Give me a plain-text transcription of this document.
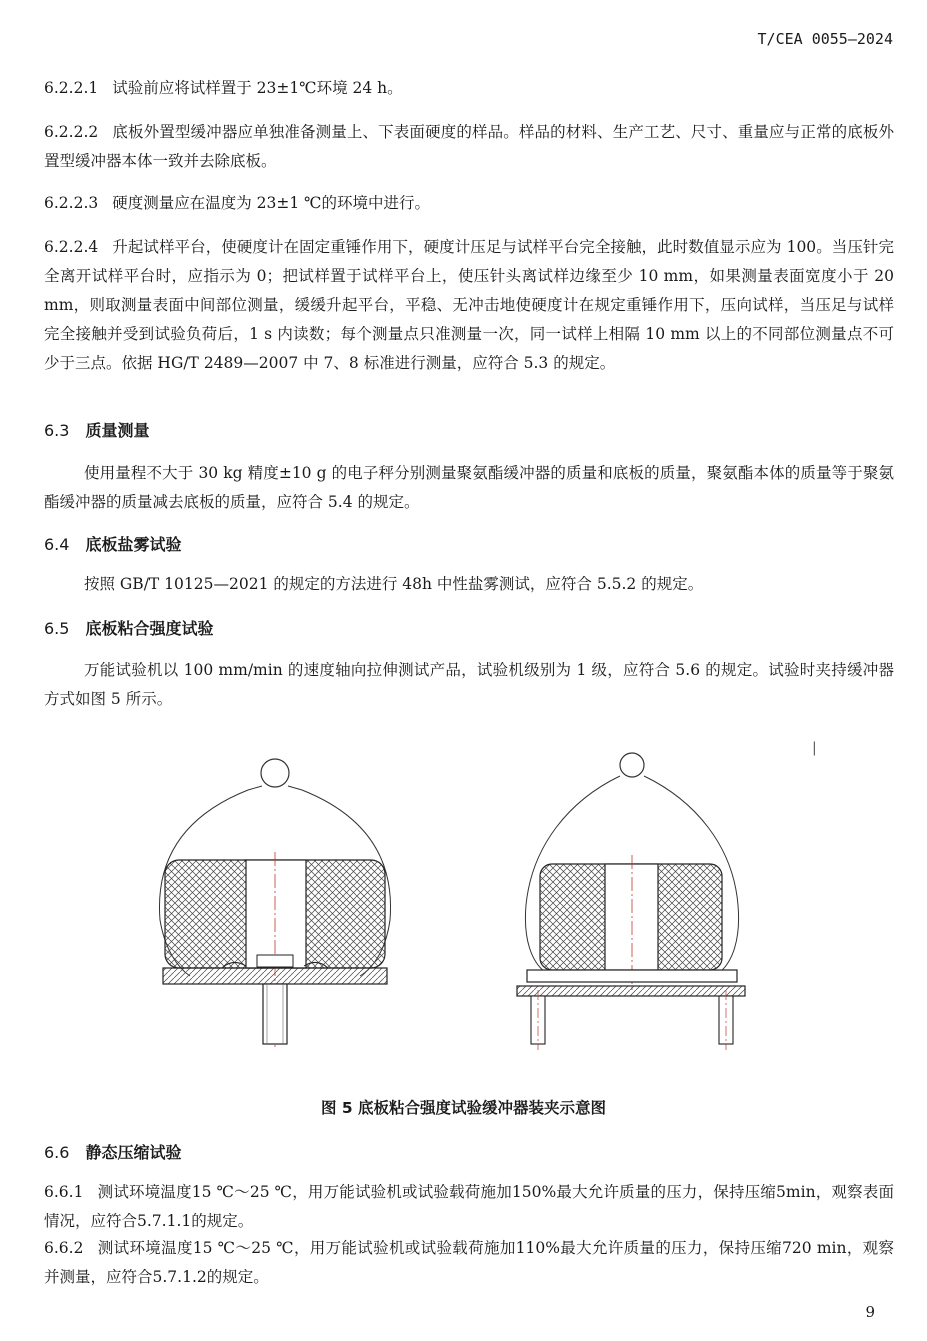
T/CEA 0055—2024

6.2.2.1 试验前应将试样置于 23±1℃环境 24 h。

6.2.2.2 底板外置型缓冲器应单独准备测量上、下表面硬度的样品。样品的材料、生产工艺、尺寸、重量应与正常的底板外置型缓冲器本体一致并去除底板。

6.2.2.3 硬度测量应在温度为 23±1 ℃的环境中进行。

6.2.2.4 升起试样平台，使硬度计在固定重锤作用下，硬度计压足与试样平台完全接触，此时数值显示应为 100。当压针完全离开试样平台时，应指示为 0；把试样置于试样平台上，使压针头离试样边缘至少 10 mm，如果测量表面宽度小于 20 mm，则取测量表面中间部位测量，缓缓升起平台，平稳、无冲击地使硬度计在规定重锤作用下，压向试样，当压足与试样完全接触并受到试验负荷后，1 s 内读数；每个测量点只准测量一次，同一试样上相隔 10 mm 以上的不同部位测量点不可少于三点。依据 HG/T 2489—2007 中 7、8 标准进行测量，应符合 5.3 的规定。

6.3 质量测量

使用量程不大于 30 kg 精度±10 g 的电子秤分别测量聚氨酯缓冲器的质量和底板的质量，聚氨酯本体的质量等于聚氨酯缓冲器的质量减去底板的质量，应符合 5.4 的规定。

6.4 底板盐雾试验

按照 GB/T 10125—2021 的规定的方法进行 48h 中性盐雾测试，应符合 5.5.2 的规定。

6.5 底板粘合强度试验

万能试验机以 100 mm/min 的速度轴向拉伸测试产品，试验机级别为 1 级，应符合 5.6 的规定。试验时夹持缓冲器方式如图 5 所示。

|
图 5 底板粘合强度试验缓冲器装夹示意图
6.6 静态压缩试验

6.6.1 测试环境温度15 ℃～25 ℃，用万能试验机或试验载荷施加150%最大允许质量的压力，保持压缩5min，观察表面情况，应符合5.7.1.1的规定。

6.6.2 测试环境温度15 ℃～25 ℃，用万能试验机或试验载荷施加110%最大允许质量的压力，保持压缩720 min，观察并测量，应符合5.7.1.2的规定。

9
